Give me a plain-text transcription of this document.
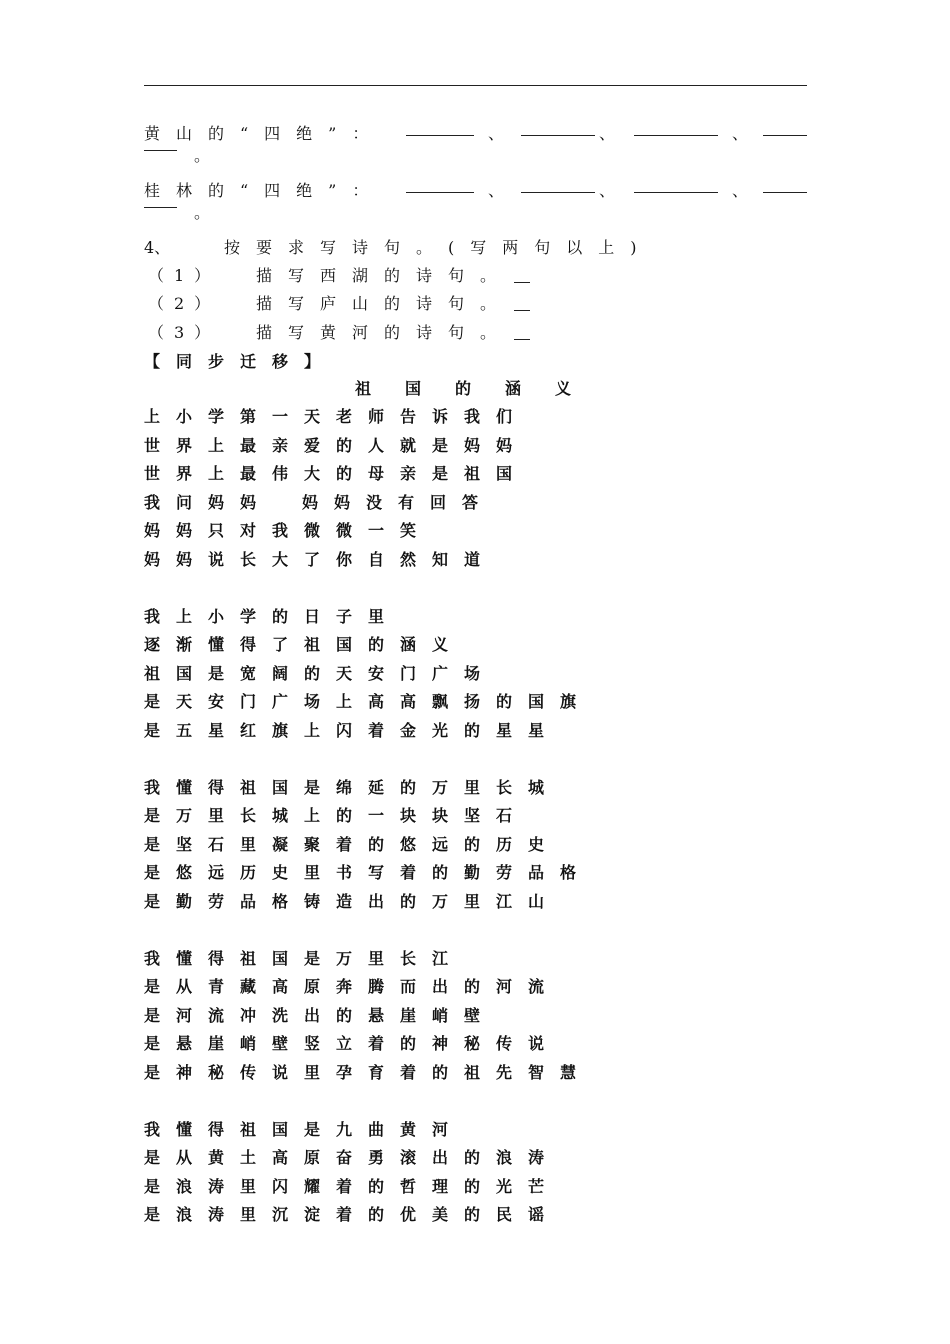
黄山的“四绝”：	、	、	、
。
桂林的“四绝”：	、	、	、
。
4、	按要求写诗句。(写两句以上)
（1） 描写西湖的诗句。
（2） 描写庐山的诗句。
（3） 描写黄河的诗句。
【同步迁移】
祖国的涵义
上小学第一天老师告诉我们
世界上最亲爱的人就是妈妈
世界上最伟大的母亲是祖国
我问妈妈 妈妈没有回答
妈妈只对我微微一笑
妈妈说长大了你自然知道
我上小学的日子里
逐渐懂得了祖国的涵义
祖国是宽阔的天安门广场
是天安门广场上高高飘扬的国旗
是五星红旗上闪着金光的星星
我懂得祖国是绵延的万里长城
是万里长城上的一块块坚石
是坚石里凝聚着的悠远的历史
是悠远历史里书写着的勤劳品格
是勤劳品格铸造出的万里江山
我懂得祖国是万里长江
是从青藏高原奔腾而出的河流
是河流冲洗出的悬崖峭壁
是悬崖峭壁竖立着的神秘传说
是神秘传说里孕育着的祖先智慧
我懂得祖国是九曲黄河
是从黄土高原奋勇滚出的浪涛
是浪涛里闪耀着的哲理的光芒
是浪涛里沉淀着的优美的民谣
